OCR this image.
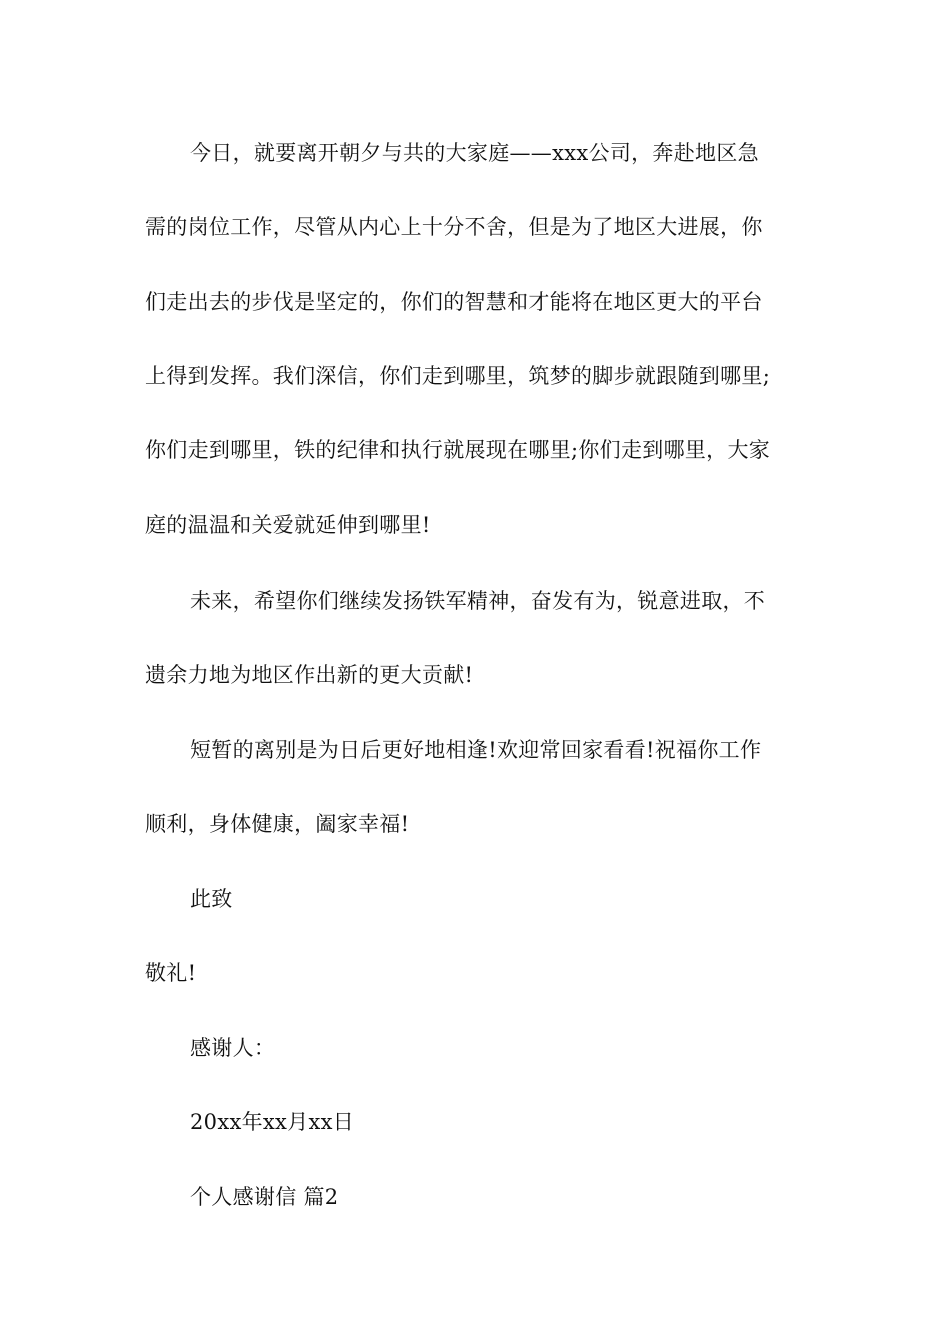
今日，就要离开朝夕与共的大家庭——xxx公司，奔赴地区急
需的岗位工作，尽管从内心上十分不舍，但是为了地区大进展，你
们走出去的步伐是坚定的，你们的智慧和才能将在地区更大的平台
上得到发挥。我们深信，你们走到哪里，筑梦的脚步就跟随到哪里;
你们走到哪里，铁的纪律和执行就展现在哪里;你们走到哪里，大家
庭的温温和关爱就延伸到哪里!
未来，希望你们继续发扬铁军精神，奋发有为，锐意进取，不
遗余力地为地区作出新的更大贡献!
短暂的离别是为日后更好地相逢!欢迎常回家看看!祝福你工作
顺利，身体健康，阖家幸福!
此致
敬礼!
感谢人：
20xx年xx月xx日
个人感谢信 篇2
